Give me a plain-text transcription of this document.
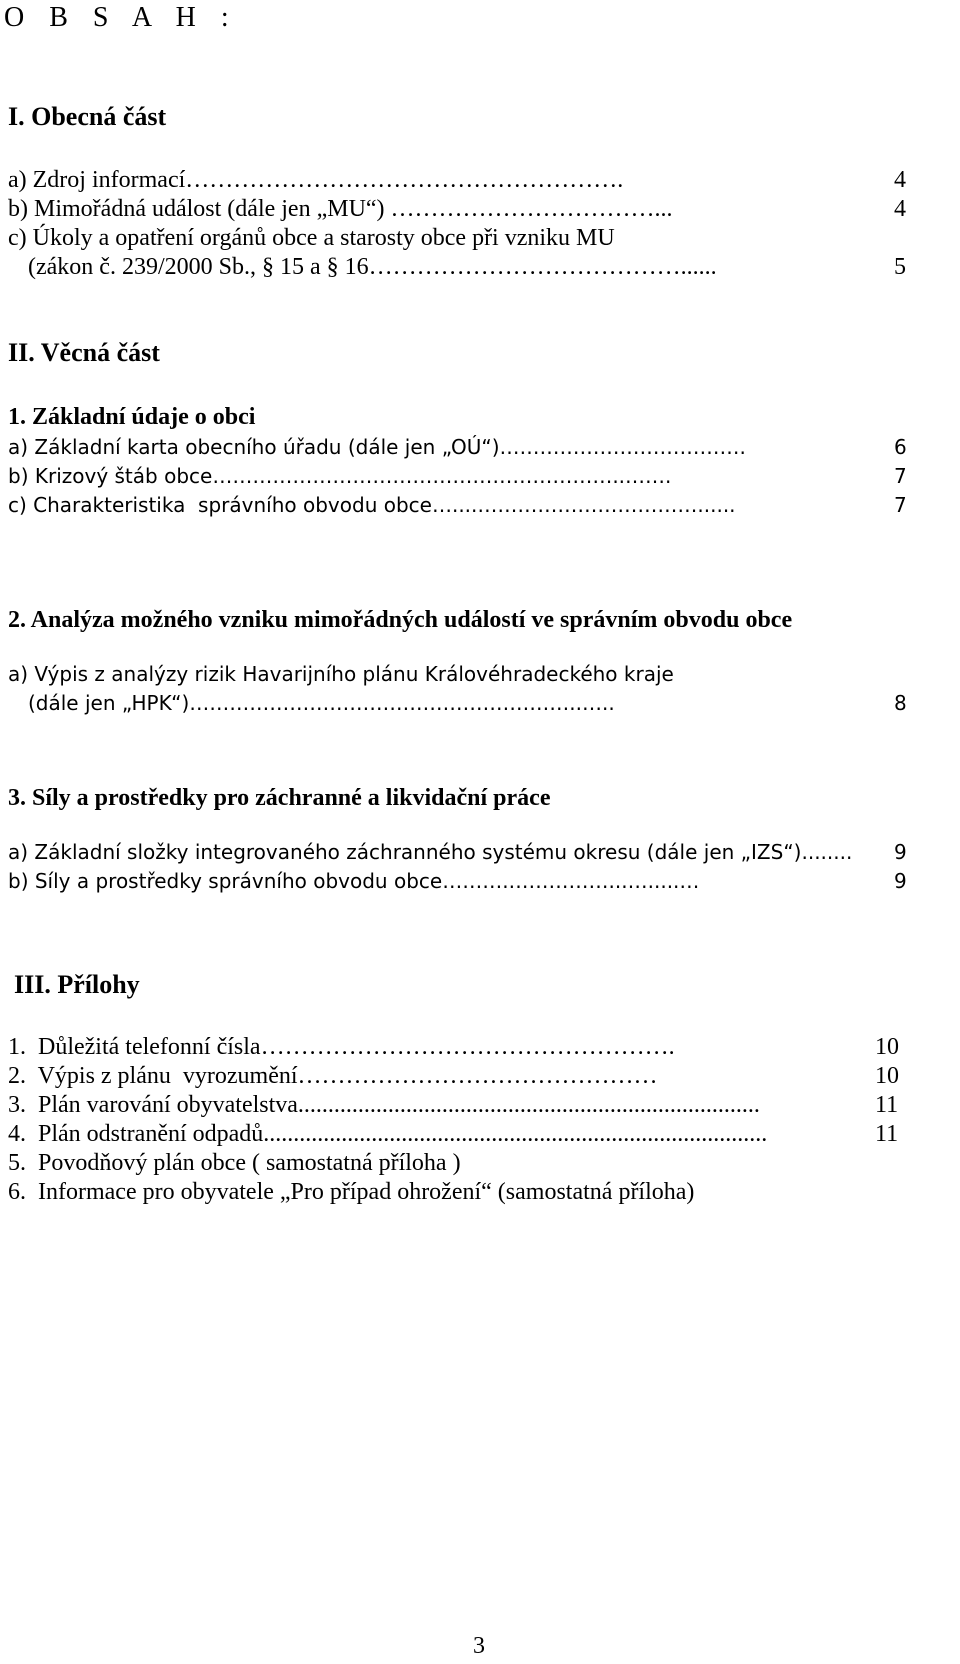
O B S A H :
I. Obecná část
a) Zdroj informací……………………………………………….	4
b) Mimořádná událost (dále jen „MU“) ……………………………...	4
c) Úkoly a opatření orgánů obce a starosty obce při vzniku MU
(zákon č. 239/2000 Sb., § 15 a § 16…………………………………......	5
II. Věcná část
1. Základní údaje o obci
a) Základní karta obecního úřadu (dále jen „OÚ“)……………………………….	6
b) Krizový štáb obce……………………………………………………..…….	7
c) Charakteristika  správního obvodu obce…....……………………………......	7
2. Analýza možného vzniku mimořádných událostí ve správním obvodu obce
a) Výpis z analýzy rizik Havarijního plánu Královéhradeckého kraje
(dále jen „HPK“)…………………………………………………..…..	8
3. Síly a prostředky pro záchranné a likvidační práce
a) Základní složky integrovaného záchranného systému okresu (dále jen „IZS“)........ 9
b) Síly a prostředky správního obvodu obce……….……………...….....…	9
III. Přílohy
1.  Důležitá telefonní čísla…………………………………………….	10
2.  Výpis z plánu  vyrozumění………………………………………	10
3.  Plán varování obyvatelstva.............................................................................	11
4.  Plán odstranění odpadů....................................................................................	11
5.  Povodňový plán obce ( samostatná příloha )
6.  Informace pro obyvatele „Pro případ ohrožení“ (samostatná příloha)
3
